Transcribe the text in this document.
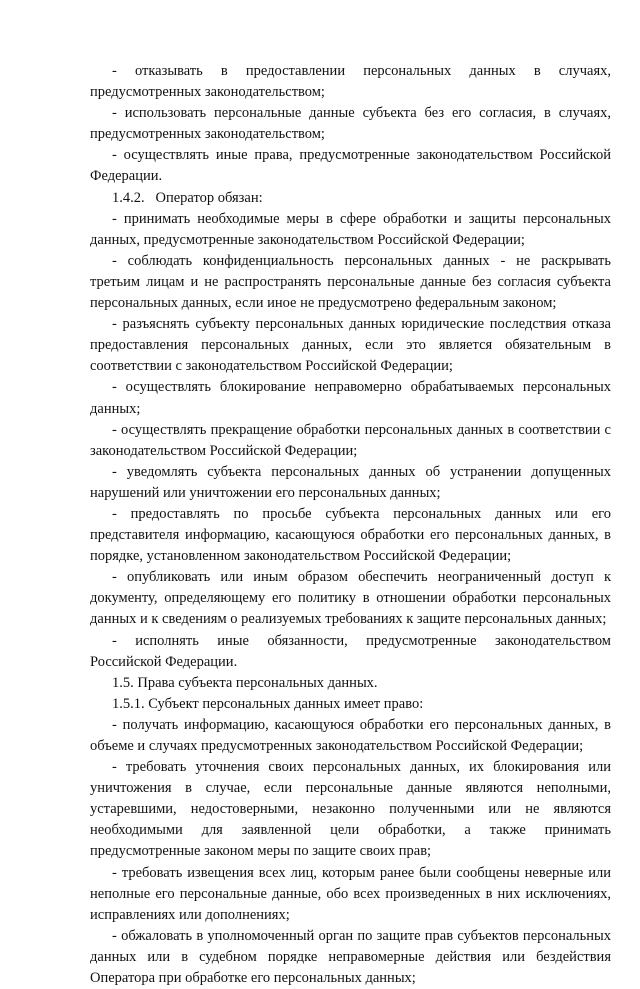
- отказывать в предоставлении персональных данных в случаях, предусмотренных законодательством;

- использовать персональные данные субъекта без его согласия, в случаях, предусмотренных законодательством;

- осуществлять иные права, предусмотренные законодательством Российской Федерации.

1.4.2.   Оператор обязан:

- принимать необходимые меры в сфере обработки и защиты персональных данных, предусмотренные законодательством Российской Федерации;

- соблюдать конфиденциальность персональных данных - не раскрывать третьим лицам и не распространять персональные данные без согласия субъекта персональных данных, если иное не предусмотрено федеральным законом;

- разъяснять субъекту персональных данных юридические последствия отказа предоставления персональных данных, если это является обязательным в соответствии с законодательством Российской Федерации;

- осуществлять блокирование неправомерно обрабатываемых персональных данных;

- осуществлять прекращение обработки персональных данных в соответствии с законодательством Российской Федерации;

- уведомлять субъекта персональных данных об устранении допущенных нарушений или уничтожении его персональных данных;

- предоставлять по просьбе субъекта персональных данных или его представителя информацию, касающуюся обработки его персональных данных, в порядке, установленном законодательством Российской Федерации;

- опубликовать или иным образом обеспечить неограниченный доступ к документу, определяющему его политику в отношении обработки персональных данных и к сведениям о реализуемых требованиях к защите персональных данных;

- исполнять иные обязанности, предусмотренные законодательством Российской Федерации.

1.5. Права субъекта персональных данных.

1.5.1. Субъект персональных данных имеет право:

- получать информацию, касающуюся обработки его персональных данных, в объеме и случаях предусмотренных законодательством Российской Федерации;

- требовать уточнения своих персональных данных, их блокирования или уничтожения в случае, если персональные данные являются неполными, устаревшими, недостоверными, незаконно полученными или не являются необходимыми для заявленной цели обработки, а также принимать предусмотренные законом меры по защите своих прав;

- требовать извещения всех лиц, которым ранее были сообщены неверные или неполные его персональные данные, обо всех произведенных в них исключениях, исправлениях или дополнениях;

- обжаловать в уполномоченный орган по защите прав субъектов персональных данных или в судебном порядке неправомерные действия или бездействия Оператора при обработке его персональных данных;
